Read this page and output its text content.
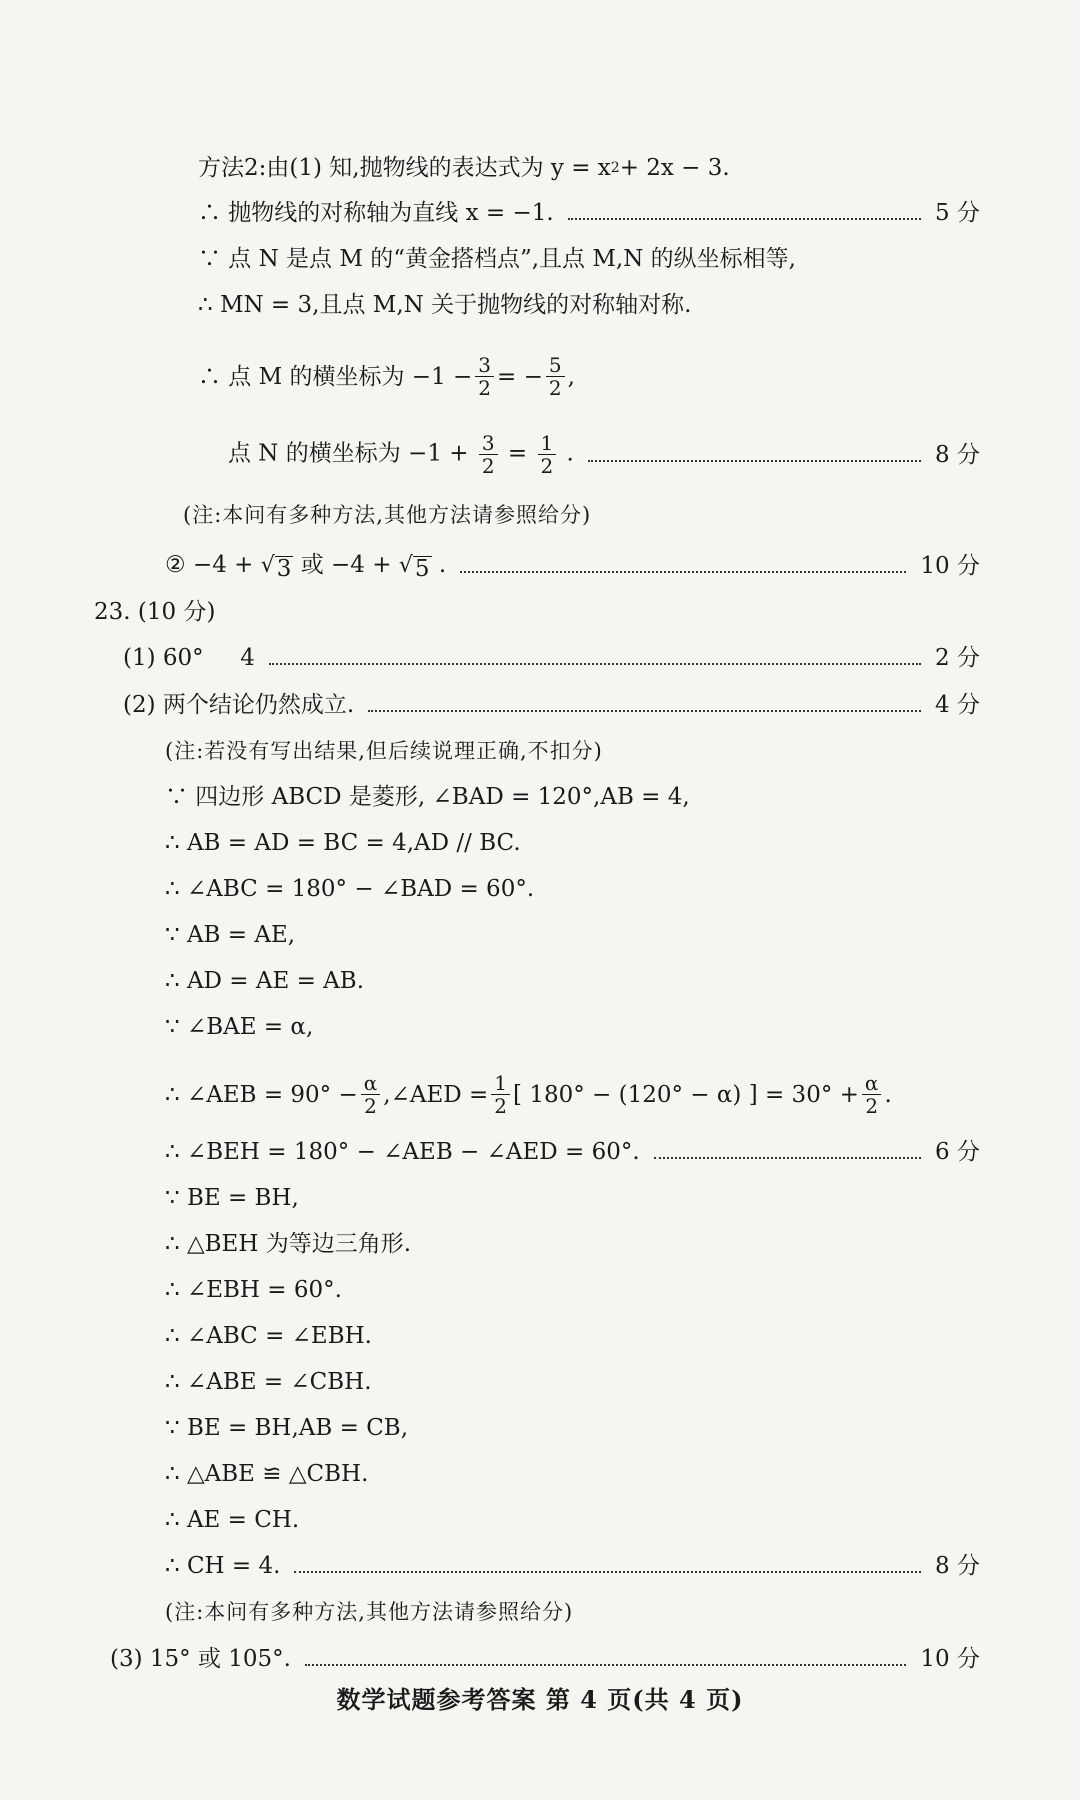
方法2:由(1) 知,抛物线的表达式为 y = x 2 + 2x − 3.
∴ 抛物线的对称轴为直线 x = −1.	5 分
∵ 点 N 是点 M 的“黄金搭档点”,且点 M,N 的纵坐标相等,
∴ MN = 3,且点 M,N 关于抛物线的对称轴对称.
∴ 点 M 的横坐标为 $-1 - \frac{3}{2}$ = − $\frac{5}{2}$ ,
点 N 的横坐标为 $-1 + \frac{3}{2} = \frac{1}{2}$ .	8 分
(注:本问有多种方法,其他方法请参照给分)
② −4 + √ 3 或 −4 + √ 5 .	10 分
23. (10 分)
(1) 60°     4	2 分
(2) 两个结论仍然成立.	4 分
(注:若没有写出结果,但后续说理正确,不扣分)
∵ 四边形 ABCD 是菱形, ∠BAD = 120°,AB = 4,
∴ AB = AD = BC = 4,AD // BC.
∴ ∠ABC = 180° − ∠BAD = 60°.
∵ AB = AE,
∴ AD = AE = AB.
∵ ∠BAE = α,
∴ ∠AEB = $90^\circ - \frac{\alpha}{2}$ ,∠AED = $\frac{1}{2}$ [ 180° − (120° − α) ] = $30^\circ + \frac{\alpha}{2}$ .
∴ ∠BEH = 180° − ∠AEB − ∠AED = 60°.	6 分
∵ BE = BH,
∴ △BEH 为等边三角形.
∴ ∠EBH = 60°.
∴ ∠ABC = ∠EBH.
∴ ∠ABE = ∠CBH.
∵ BE = BH,AB = CB,
∴ △ABE ≌ △CBH.
∴ AE = CH.
∴ CH = 4.	8 分
(注:本问有多种方法,其他方法请参照给分)
(3) 15° 或 105°.	10 分
数学试题参考答案 第 4 页(共 4 页)
